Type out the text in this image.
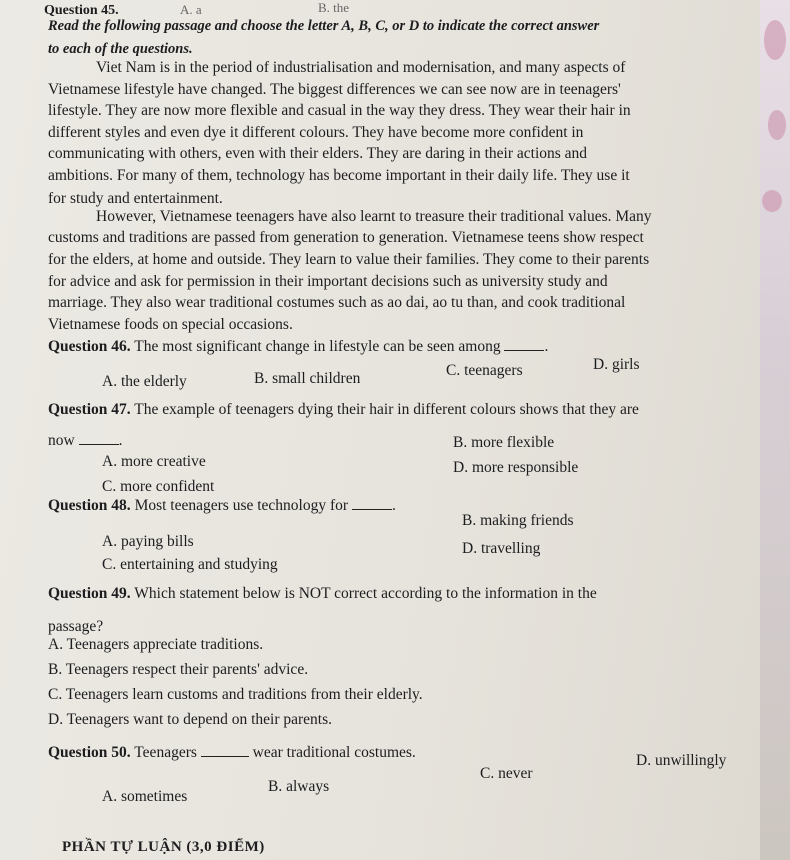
Question 45.	A. a	B. the
Read the following passage and choose the letter A, B, C, or D to indicate the correct answer
to each of the questions.
Viet Nam is in the period of industrialisation and modernisation, and many aspects of
Vietnamese lifestyle have changed. The biggest differences we can see now are in teenagers'
lifestyle. They are now more flexible and casual in the way they dress. They wear their hair in
different styles and even dye it different colours. They have become more confident in
communicating with others, even with their elders. They are daring in their actions and
ambitions. For many of them, technology has become important in their daily life. They use it
for study and entertainment.
However, Vietnamese teenagers have also learnt to treasure their traditional values. Many
customs and traditions are passed from generation to generation. Vietnamese teens show respect
for the elders, at home and outside. They learn to value their families. They come to their parents
for advice and ask for permission in their important decisions such as university study and
marriage. They also wear traditional costumes such as ao dai, ao tu than, and cook traditional
Vietnamese foods on special occasions.
Question 46. The most significant change in lifestyle can be seen among	.
A. the elderly	B. small children	C. teenagers	D. girls
Question 47. The example of teenagers dying their hair in different colours shows that they are
now	.	B. more flexible
A. more creative	D. more responsible
C. more confident
Question 48. Most teenagers use technology for	.
B. making friends
A. paying bills	D. travelling
C. entertaining and studying
Question 49. Which statement below is NOT correct according to the information in the
passage?
A. Teenagers appreciate traditions.
B. Teenagers respect their parents' advice.
C. Teenagers learn customs and traditions from their elderly.
D. Teenagers want to depend on their parents.
Question 50. Teenagers	wear traditional costumes.
C. never
D. unwillingly
B. always
A. sometimes
PHẦN TỰ LUẬN (3,0 ĐIỂM)
